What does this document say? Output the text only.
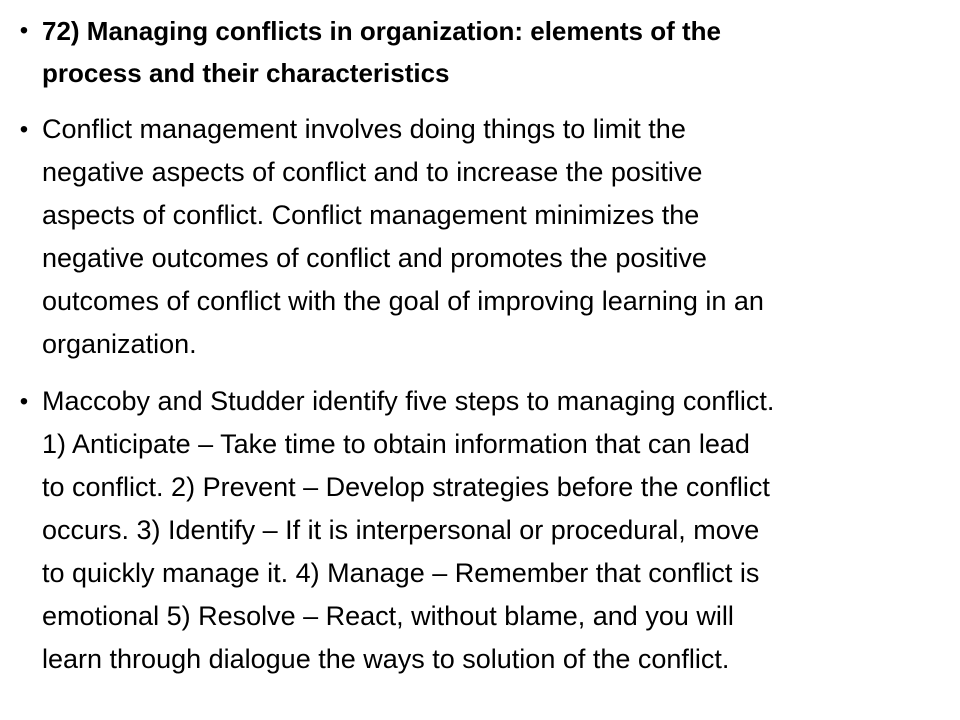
• 72) Managing conflicts in organization: elements of the
process and their characteristics
• Conflict management involves doing things to limit the
negative aspects of conflict and to increase the positive
aspects of conflict. Conflict management minimizes the
negative outcomes of conflict and promotes the positive
outcomes of conflict with the goal of improving learning in an
organization.
• Maccoby and Studder identify five steps to managing conflict.
1) Anticipate – Take time to obtain information that can lead
to conflict. 2) Prevent – Develop strategies before the conflict
occurs. 3) Identify – If it is interpersonal or procedural, move
to quickly manage it. 4) Manage – Remember that conflict is
emotional 5) Resolve – React, without blame, and you will
learn through dialogue the ways to solution of the conflict.
